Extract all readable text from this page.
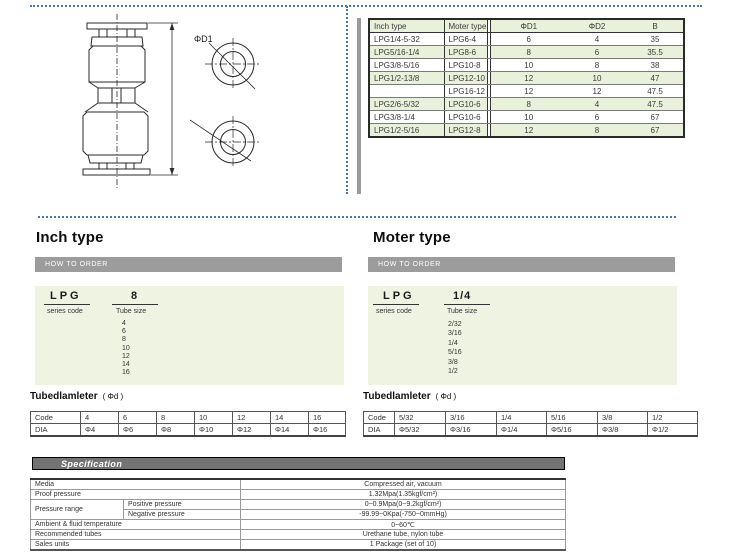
ΦD1
Inch type	Moter type	ΦD1	ΦD2	B
LPG1/4-5-32	LPG6-4	6	4	35
LPG5/16-1/4	LPG8-6	8	6	35.5
LPG3/8-5/16	LPG10-8	10	8	38
LPG1/2-13/8	LPG12-10	12	10	47
	LPG16-12	12	12	47.5
LPG2/6-5/32	LPG10-6	8	4	47.5
LPG3/8-1/4	LPG10-6	10	6	67
LPG1/2-5/16	LPG12-8	12	8	67
Inch type
HOW TO ORDER
LPG
series code
8
Tube size
4
6
8
10
12
14
16
Tubedlamleter ( Φd )
Code	4	6	8	10	12	14	16
DIA	Φ4	Φ6	Φ8	Φ10	Φ12	Φ14	Φ16
Moter type
HOW TO ORDER
LPG
series code
1/4
Tube size
2/32
3/16
1/4
5/16
3/8
1/2
Tubedlamleter ( Φd )
Code	5/32	3/16	1/4	5/16	3/8	1/2
DIA	Φ5/32	Φ3/16	Φ1/4	Φ5/16	Φ3/8	Φ1/2
Specification
Media		Compressed air, vacuum
Proof pressure		1.32Mpa(1.35kgf/cm²)
Pressure range	Positive pressure	0~0.9Mpa(0~9.2kgf/cm²)
	Negative pressure	-99.99~0Kpa(-750~0mmHg)
Ambient & fluid temperature		0~60℃
Recommended tubes		Urethane tube, nylon tube
Sales units		1 Package (set of 10)
